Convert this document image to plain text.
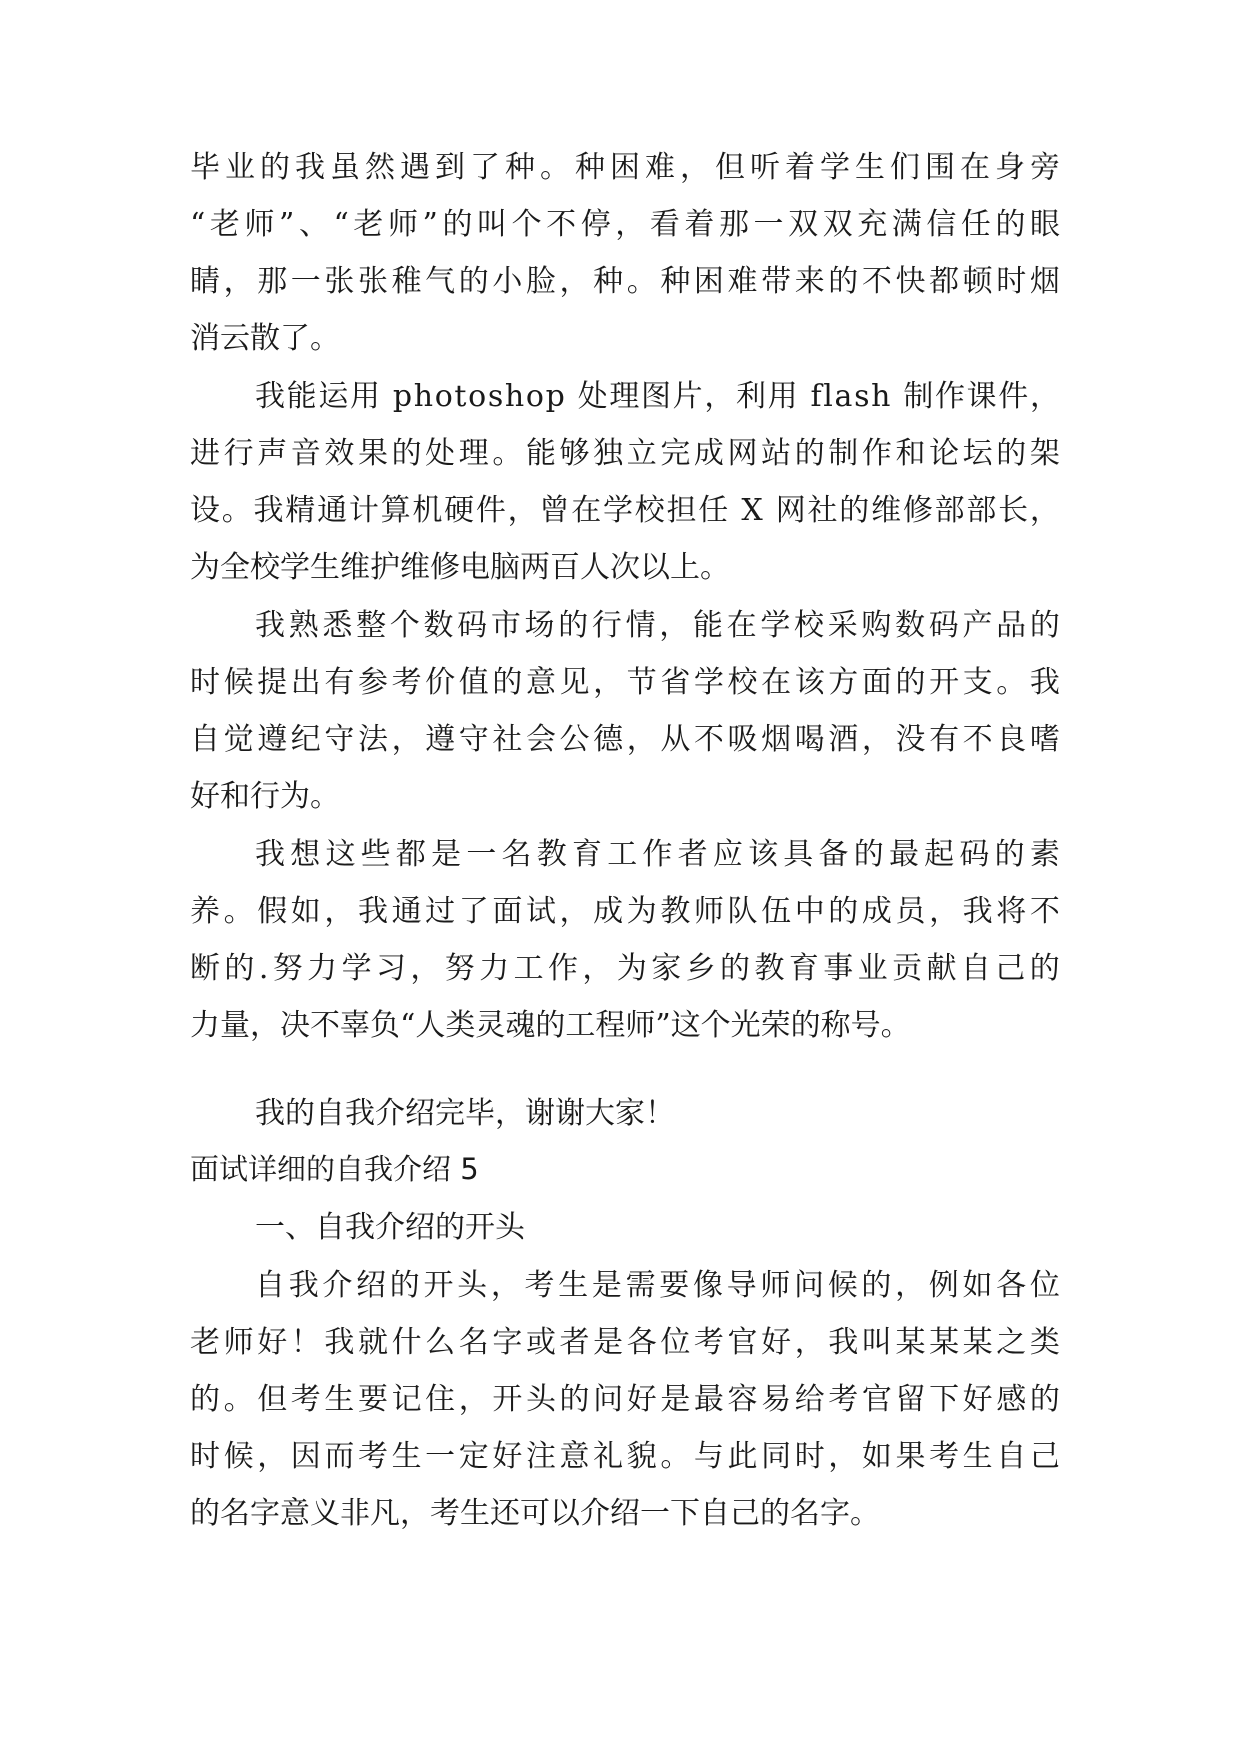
毕 业 的 我 虽 然 遇 到 了 种 。 种 困 难 ， 但 听 着 学 生 们 围 在 身 旁
“ 老 师 ” 、 “ 老 师 ” 的 叫 个 不 停 ， 看 着 那 一 双 双 充 满 信 任 的 眼
睛 ， 那 一 张 张 稚 气 的 小 脸 ， 种 。 种 困 难 带 来 的 不 快 都 顿 时 烟
消云散了。
我 能 运 用
p h o t o s h o p
处 理 图 片 ， 利 用
f l a s h
制 作 课 件 ，
进 行 声 音 效 果 的 处 理 。 能 够 独 立 完 成 网 站 的 制 作 和 论 坛 的 架
设 。 我 精 通 计 算 机 硬 件 ， 曾 在 学 校 担 任
X
网 社 的 维 修 部 部 长 ，
为全校学生维护维修电脑两百人次以上。
我 熟 悉 整 个 数 码 市 场 的 行 情 ， 能 在 学 校 采 购 数 码 产 品 的
时 候 提 出 有 参 考 价 值 的 意 见 ， 节 省 学 校 在 该 方 面 的 开 支 。 我
自 觉 遵 纪 守 法 ， 遵 守 社 会 公 德 ， 从 不 吸 烟 喝 酒 ， 没 有 不 良 嗜
好和行为。
我 想 这 些 都 是 一 名 教 育 工 作 者 应 该 具 备 的 最 起 码 的 素
养 。 假 如 ， 我 通 过 了 面 试 ， 成 为 教 师 队 伍 中 的 成 员 ， 我 将 不
断 的 . 努 力 学 习 ， 努 力 工 作 ， 为 家 乡 的 教 育 事 业 贡 献 自 己 的
力量，决不辜负“人类灵魂的工程师”这个光荣的称号。
我的自我介绍完毕，谢谢大家！
面试详细的自我介绍 5
一、自我介绍的开头
自 我 介 绍 的 开 头 ， 考 生 是 需 要 像 导 师 问 候 的 ， 例 如 各 位
老 师 好 ！ 我 就 什 么 名 字 或 者 是 各 位 考 官 好 ， 我 叫 某 某 某 之 类
的 。 但 考 生 要 记 住 ， 开 头 的 问 好 是 最 容 易 给 考 官 留 下 好 感 的
时 候 ， 因 而 考 生 一 定 好 注 意 礼 貌 。 与 此 同 时 ， 如 果 考 生 自 己
的名字意义非凡，考生还可以介绍一下自己的名字。
